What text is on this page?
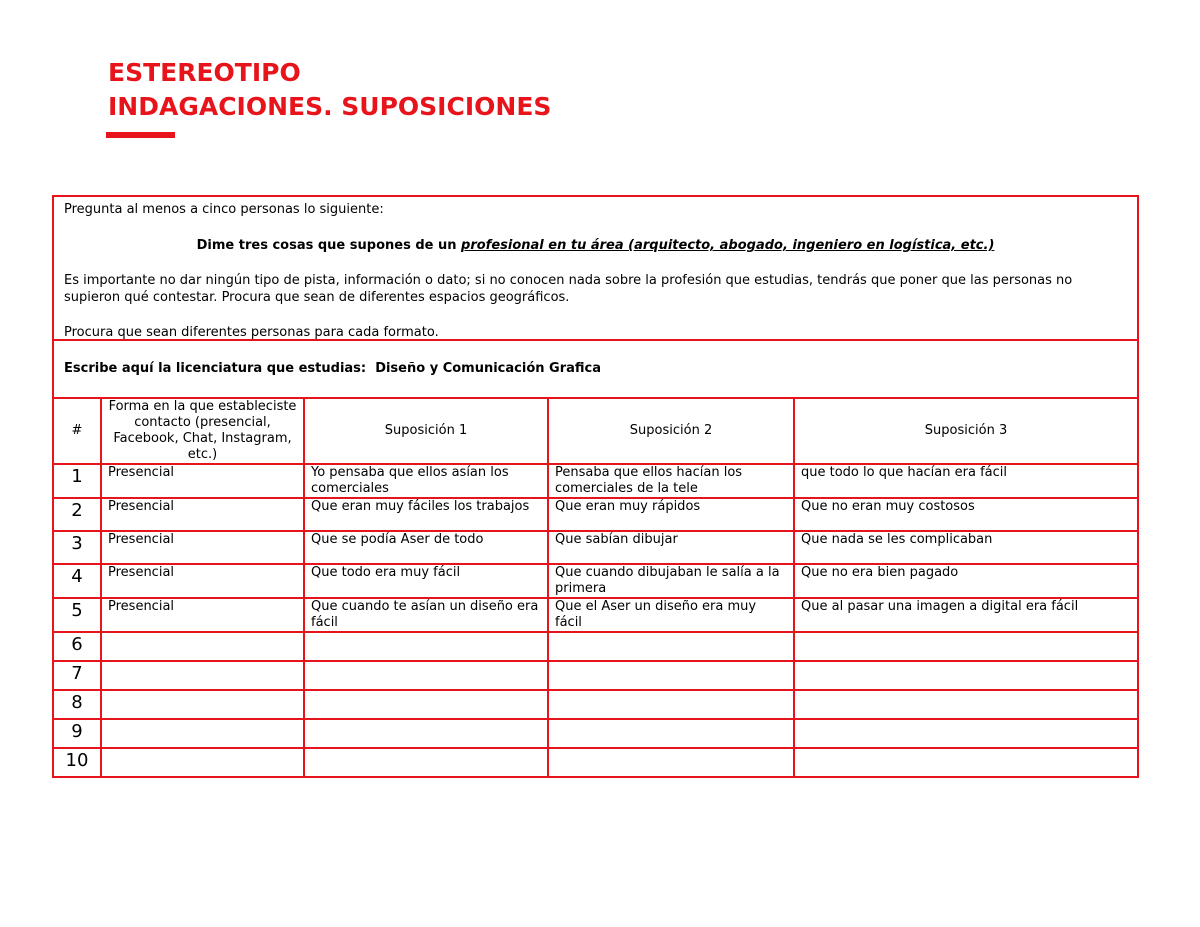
ESTEREOTIPO
INDAGACIONES. SUPOSICIONES

Pregunta al menos a cinco personas lo siguiente:

Dime tres cosas que supones de un profesional en tu área (arquitecto, abogado, ingeniero en logística, etc.)

Es importante no dar ningún tipo de pista, información o dato; si no conocen nada sobre la profesión que estudias, tendrás que poner que las personas no supieron qué contestar. Procura que sean de diferentes espacios geográficos.

Procura que sean diferentes personas para cada formato.

Escribe aquí la licenciatura que estudias: Diseño y Comunicación Grafica
#	Forma en la que estableciste contacto (presencial, Facebook, Chat, Instagram, etc.)	Suposición 1	Suposición 2	Suposición 3
1	Presencial	Yo pensaba que ellos asían los comerciales	Pensaba que ellos hacían los comerciales de la tele	que todo lo que hacían era fácil
2	Presencial	Que eran muy fáciles los trabajos	Que eran muy rápidos	Que no eran muy costosos
3	Presencial	Que se podía Aser de todo	Que sabían dibujar	Que nada se les complicaban
4	Presencial	Que todo era muy fácil	Que cuando dibujaban le salía a la primera	Que no era bien pagado
5	Presencial	Que cuando te asían un diseño era fácil	Que el Aser un diseño era muy fácil	Que al pasar una imagen a digital era fácil
6				
7				
8				
9				
10				
